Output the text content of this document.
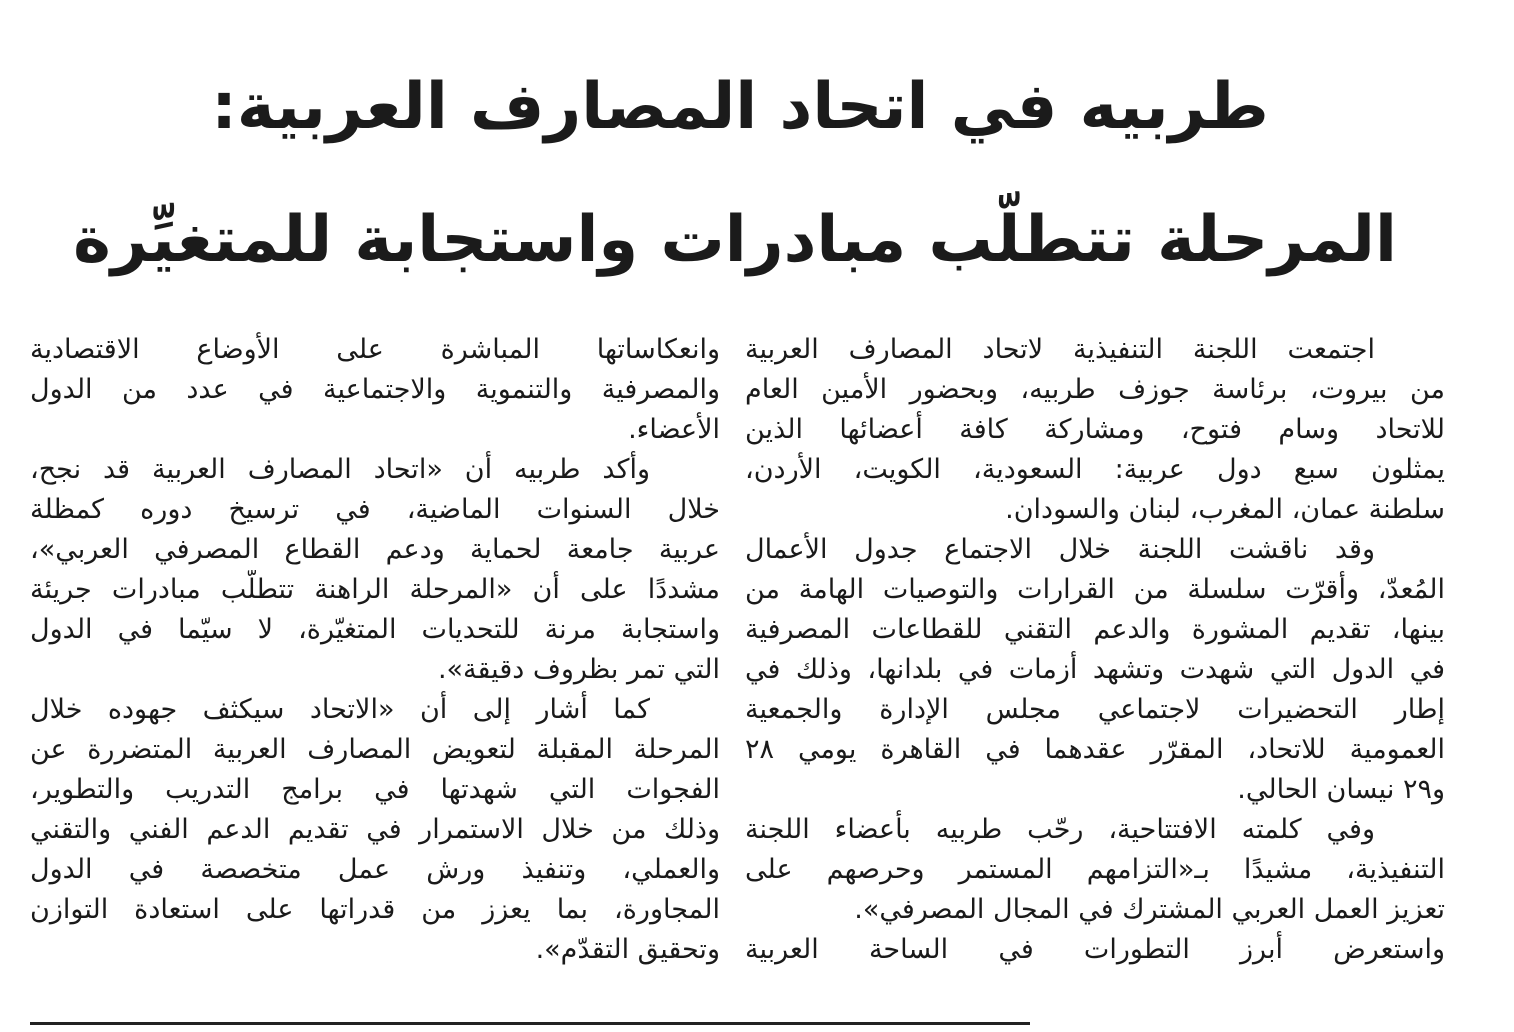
طربيه في اتحاد المصارف العربية:
المرحلة تتطلّب مبادرات واستجابة للمتغيِّرة
اجتمعت اللجنة التنفيذية لاتحاد المصارف العربية
من بيروت، برئاسة جوزف طربيه، وبحضور الأمين العام
للاتحاد وسام فتوح، ومشاركة كافة أعضائها الذين
يمثلون سبع دول عربية: السعودية، الكويت، الأردن،
سلطنة عمان، المغرب، لبنان والسودان.
وقد ناقشت اللجنة خلال الاجتماع جدول الأعمال
المُعدّ، وأقرّت سلسلة من القرارات والتوصيات الهامة من
بينها، تقديم المشورة والدعم التقني للقطاعات المصرفية
في الدول التي شهدت وتشهد أزمات في بلدانها، وذلك في
إطار التحضيرات لاجتماعي مجلس الإدارة والجمعية
العمومية للاتحاد، المقرّر عقدهما في القاهرة يومي ٢٨
و٢٩ نيسان الحالي.
وفي كلمته الافتتاحية، رحّب طربيه بأعضاء اللجنة
التنفيذية، مشيدًا بـ«التزامهم المستمر وحرصهم على
تعزيز العمل العربي المشترك في المجال المصرفي».
واستعرض أبرز التطورات في الساحة العربية
وانعكاساتها المباشرة على الأوضاع الاقتصادية
والمصرفية والتنموية والاجتماعية في عدد من الدول
الأعضاء.
وأكد طربيه أن «اتحاد المصارف العربية قد نجح،
خلال السنوات الماضية، في ترسيخ دوره كمظلة
عربية جامعة لحماية ودعم القطاع المصرفي العربي»،
مشددًا على أن «المرحلة الراهنة تتطلّب مبادرات جريئة
واستجابة مرنة للتحديات المتغيّرة، لا سيّما في الدول
التي تمر بظروف دقيقة».
كما أشار إلى أن «الاتحاد سيكثف جهوده خلال
المرحلة المقبلة لتعويض المصارف العربية المتضررة عن
الفجوات التي شهدتها في برامج التدريب والتطوير،
وذلك من خلال الاستمرار في تقديم الدعم الفني والتقني
والعملي، وتنفيذ ورش عمل متخصصة في الدول
المجاورة، بما يعزز من قدراتها على استعادة التوازن
وتحقيق التقدّم».
